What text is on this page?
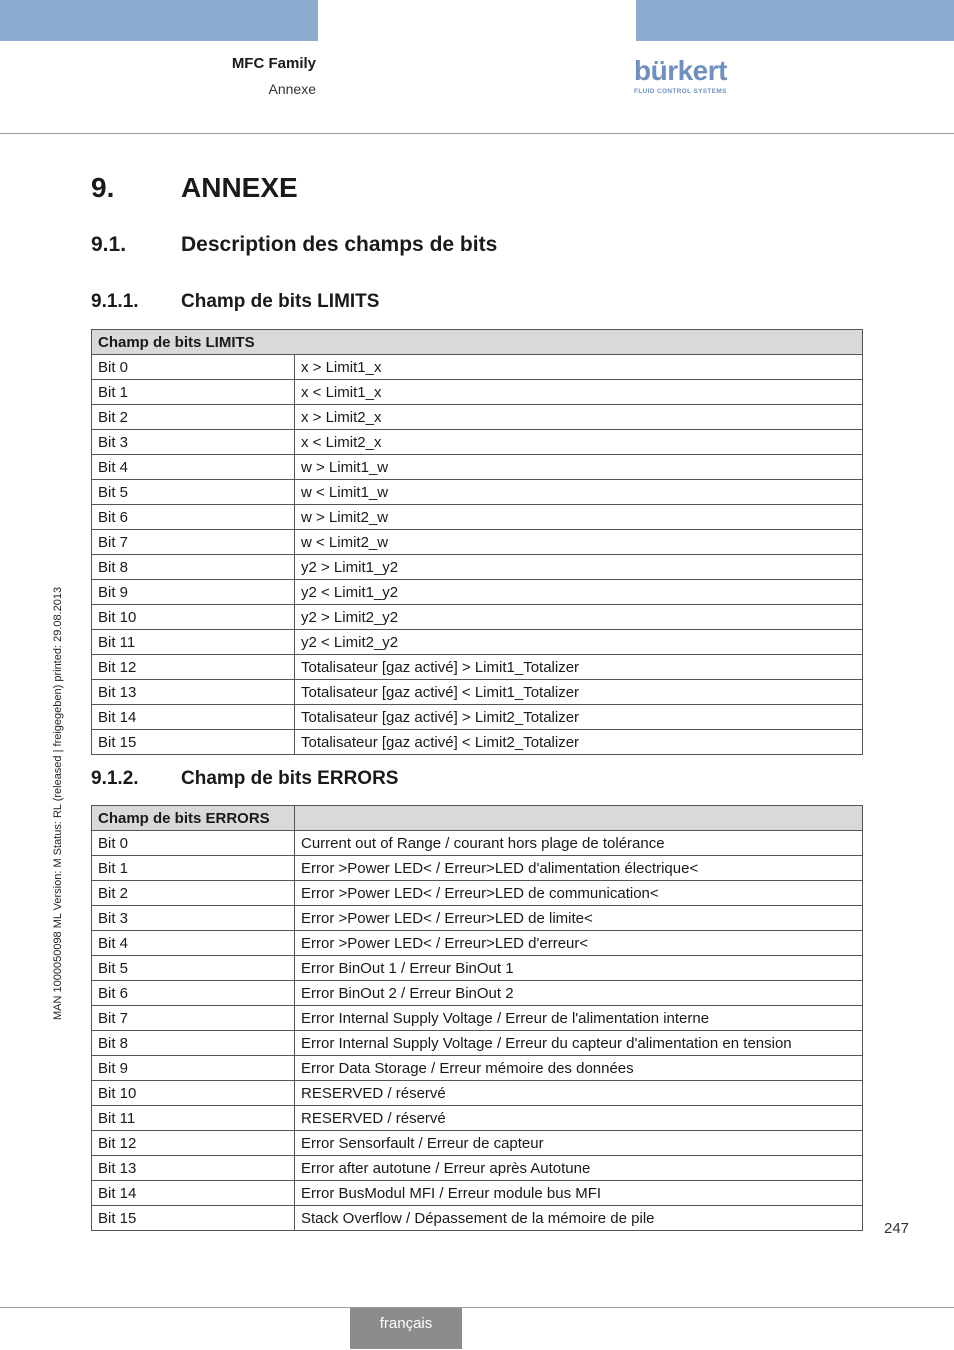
MFC Family
Annexe
bürkert
FLUID CONTROL SYSTEMS
9. ANNEXE
9.1.	Description des champs de bits
9.1.1. Champ de bits LIMITS
Champ de bits LIMITS	
Bit 0	x > Limit1_x
Bit 1	x < Limit1_x
Bit 2	x > Limit2_x
Bit 3	x < Limit2_x
Bit 4	w > Limit1_w
Bit 5	w < Limit1_w
Bit 6	w > Limit2_w
Bit 7	w < Limit2_w
Bit 8	y2 > Limit1_y2
Bit 9	y2 < Limit1_y2
Bit 10	y2 > Limit2_y2
Bit 11	y2 < Limit2_y2
Bit 12	Totalisateur [gaz activé] > Limit1_Totalizer
Bit 13	Totalisateur [gaz activé] < Limit1_Totalizer
Bit 14	Totalisateur [gaz activé] > Limit2_Totalizer
Bit 15	Totalisateur [gaz activé] < Limit2_Totalizer
9.1.2. Champ de bits ERRORS
Champ de bits ERRORS	
Bit 0	Current out of Range / courant hors plage de tolérance
Bit 1	Error >Power LED< / Erreur>LED d'alimentation électrique<
Bit 2	Error >Power LED< / Erreur>LED de communication<
Bit 3	Error >Power LED< / Erreur>LED de limite<
Bit 4	Error >Power LED< / Erreur>LED d'erreur<
Bit 5	Error BinOut 1 / Erreur BinOut 1
Bit 6	Error BinOut 2 / Erreur BinOut 2
Bit 7	Error Internal Supply Voltage / Erreur de l'alimentation interne
Bit 8	Error Internal Supply Voltage / Erreur du capteur d'alimentation en tension
Bit 9	Error Data Storage / Erreur mémoire des données
Bit 10	RESERVED / réservé
Bit 11	RESERVED / réservé
Bit 12	Error Sensorfault / Erreur de capteur
Bit 13	Error after autotune / Erreur après Autotune
Bit 14	Error BusModul MFI / Erreur module bus MFI
Bit 15	Stack Overflow / Dépassement de la mémoire de pile
MAN 1000050098 ML Version: M Status: RL (released | freigegeben) printed: 29.08.2013
247
français
